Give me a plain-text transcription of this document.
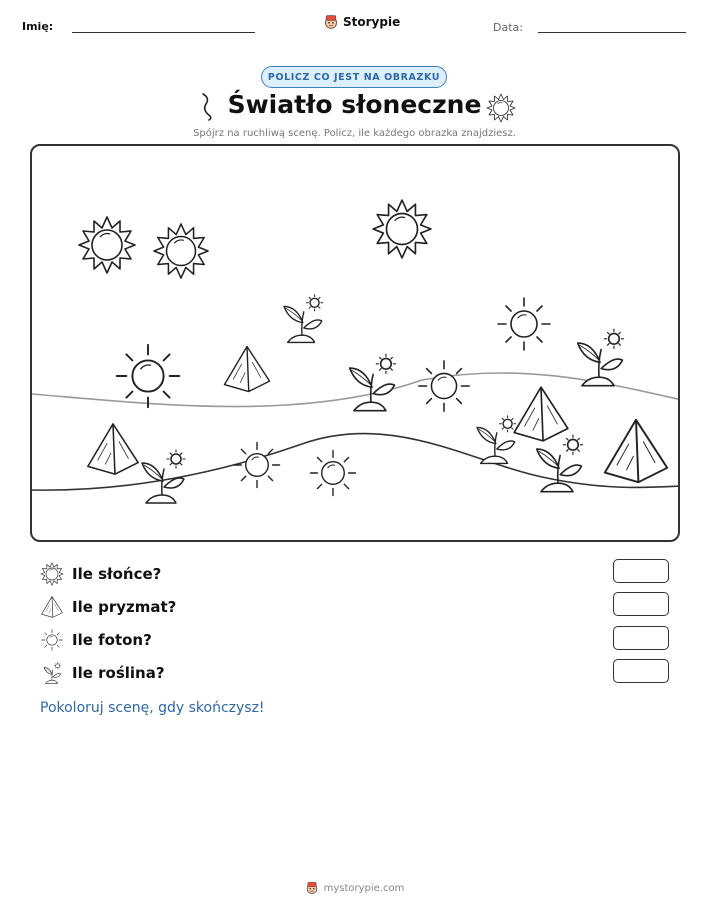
Imię:	Storypie	Data:
POLICZ CO JEST NA OBRAZKU
Światło słoneczne
Spójrz na ruchliwą scenę. Policz, ile każdego obrazka znajdziesz.
Ile słońce?
Ile pryzmat?
Ile foton?
Ile roślina?
Pokoloruj scenę, gdy skończysz!
mystorypie.com
